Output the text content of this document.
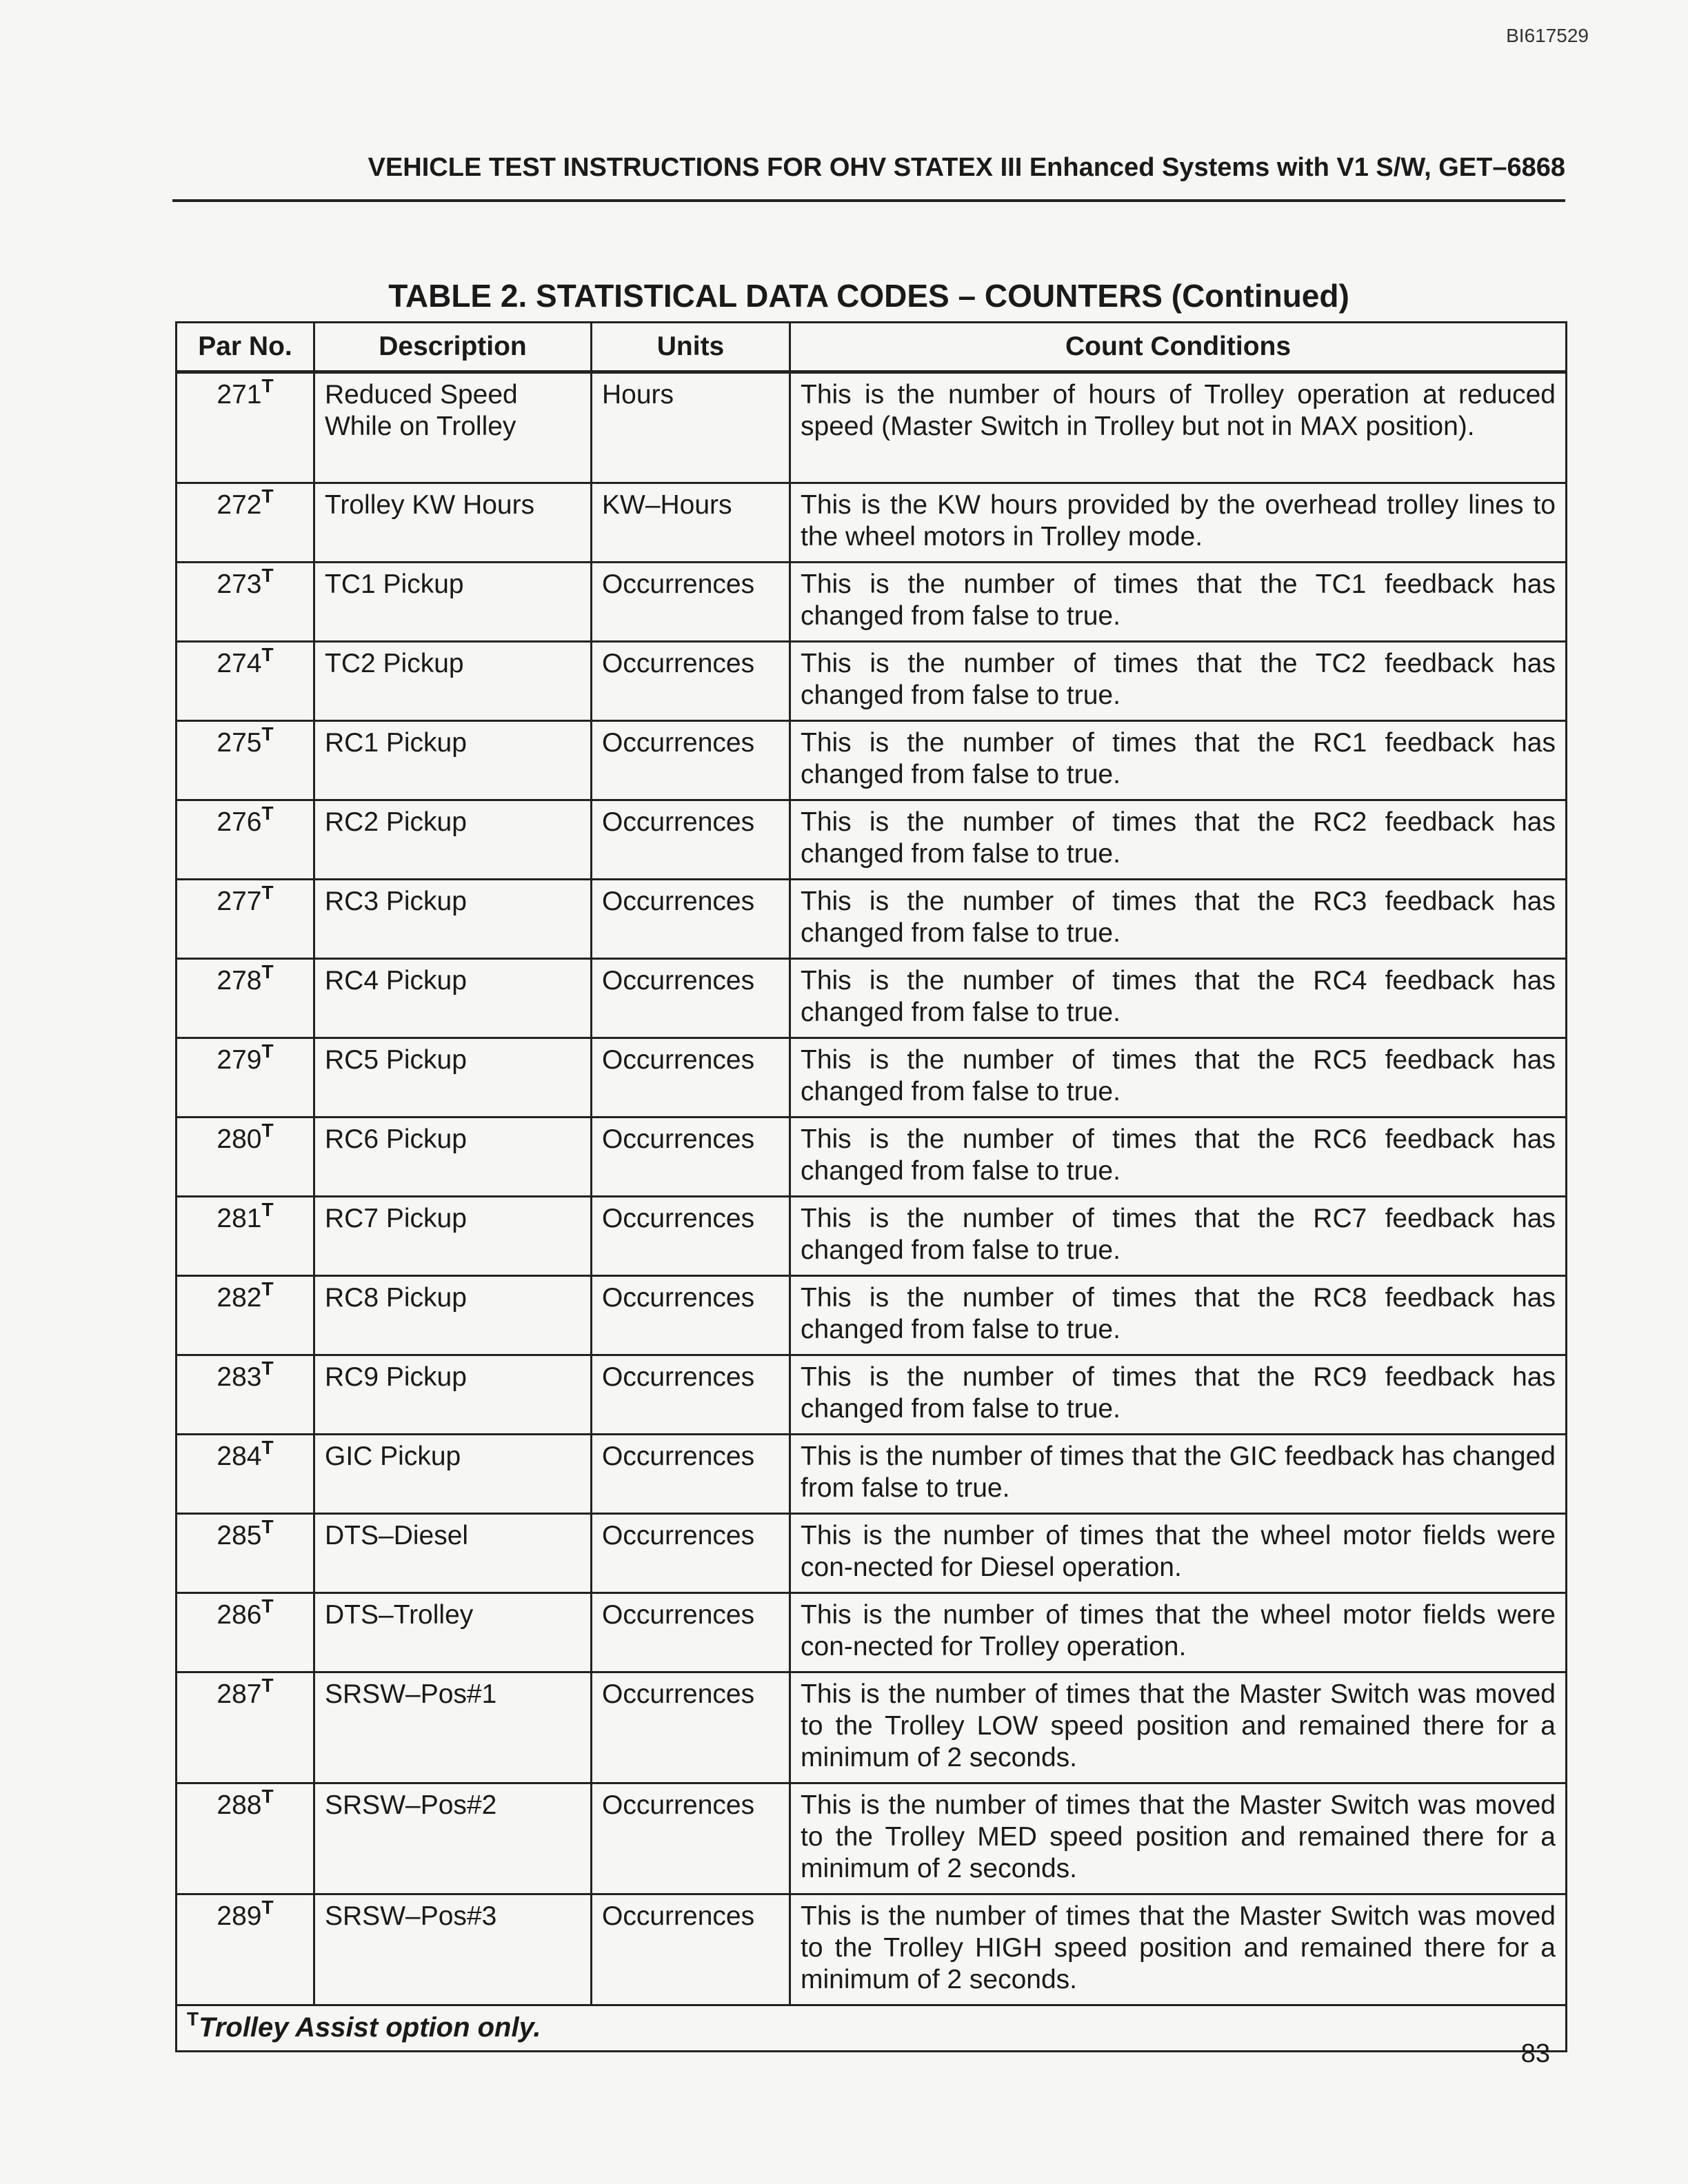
BI617529
VEHICLE TEST INSTRUCTIONS FOR OHV STATEX III Enhanced Systems with V1 S/W, GET–6868
TABLE 2. STATISTICAL DATA CODES – COUNTERS (Continued)
Par No.	Description	Units	Count Conditions
$271^T$	Reduced Speed While on Trolley	Hours	This is the number of hours of Trolley operation at reduced speed (Master Switch in Trolley but not in MAX position).
$272^T$	Trolley KW Hours	KW–Hours	This is the KW hours provided by the overhead trolley lines to the wheel motors in Trolley mode.
$273^T$	TC1 Pickup	Occurrences	This is the number of times that the TC1 feedback has changed from false to true.
$274^T$	TC2 Pickup	Occurrences	This is the number of times that the TC2 feedback has changed from false to true.
$275^T$	RC1 Pickup	Occurrences	This is the number of times that the RC1 feedback has changed from false to true.
$276^T$	RC2 Pickup	Occurrences	This is the number of times that the RC2 feedback has changed from false to true.
$277^T$	RC3 Pickup	Occurrences	This is the number of times that the RC3 feedback has changed from false to true.
$278^T$	RC4 Pickup	Occurrences	This is the number of times that the RC4 feedback has changed from false to true.
$279^T$	RC5 Pickup	Occurrences	This is the number of times that the RC5 feedback has changed from false to true.
$280^T$	RC6 Pickup	Occurrences	This is the number of times that the RC6 feedback has changed from false to true.
$281^T$	RC7 Pickup	Occurrences	This is the number of times that the RC7 feedback has changed from false to true.
$282^T$	RC8 Pickup	Occurrences	This is the number of times that the RC8 feedback has changed from false to true.
$283^T$	RC9 Pickup	Occurrences	This is the number of times that the RC9 feedback has changed from false to true.
$284^T$	GIC Pickup	Occurrences	This is the number of times that the GIC feedback has changed from false to true.
$285^T$	DTS–Diesel	Occurrences	This is the number of times that the wheel motor fields were con-nected for Diesel operation.
$286^T$	DTS–Trolley	Occurrences	This is the number of times that the wheel motor fields were con-nected for Trolley operation.
$287^T$	SRSW–Pos#1	Occurrences	This is the number of times that the Master Switch was moved to the Trolley LOW speed position and remained there for a minimum of 2 seconds.
$288^T$	SRSW–Pos#2	Occurrences	This is the number of times that the Master Switch was moved to the Trolley MED speed position and remained there for a minimum of 2 seconds.
$289^T$	SRSW–Pos#3	Occurrences	This is the number of times that the Master Switch was moved to the Trolley HIGH speed position and remained there for a minimum of 2 seconds.
$^T$Trolley Assist option only.			
83
